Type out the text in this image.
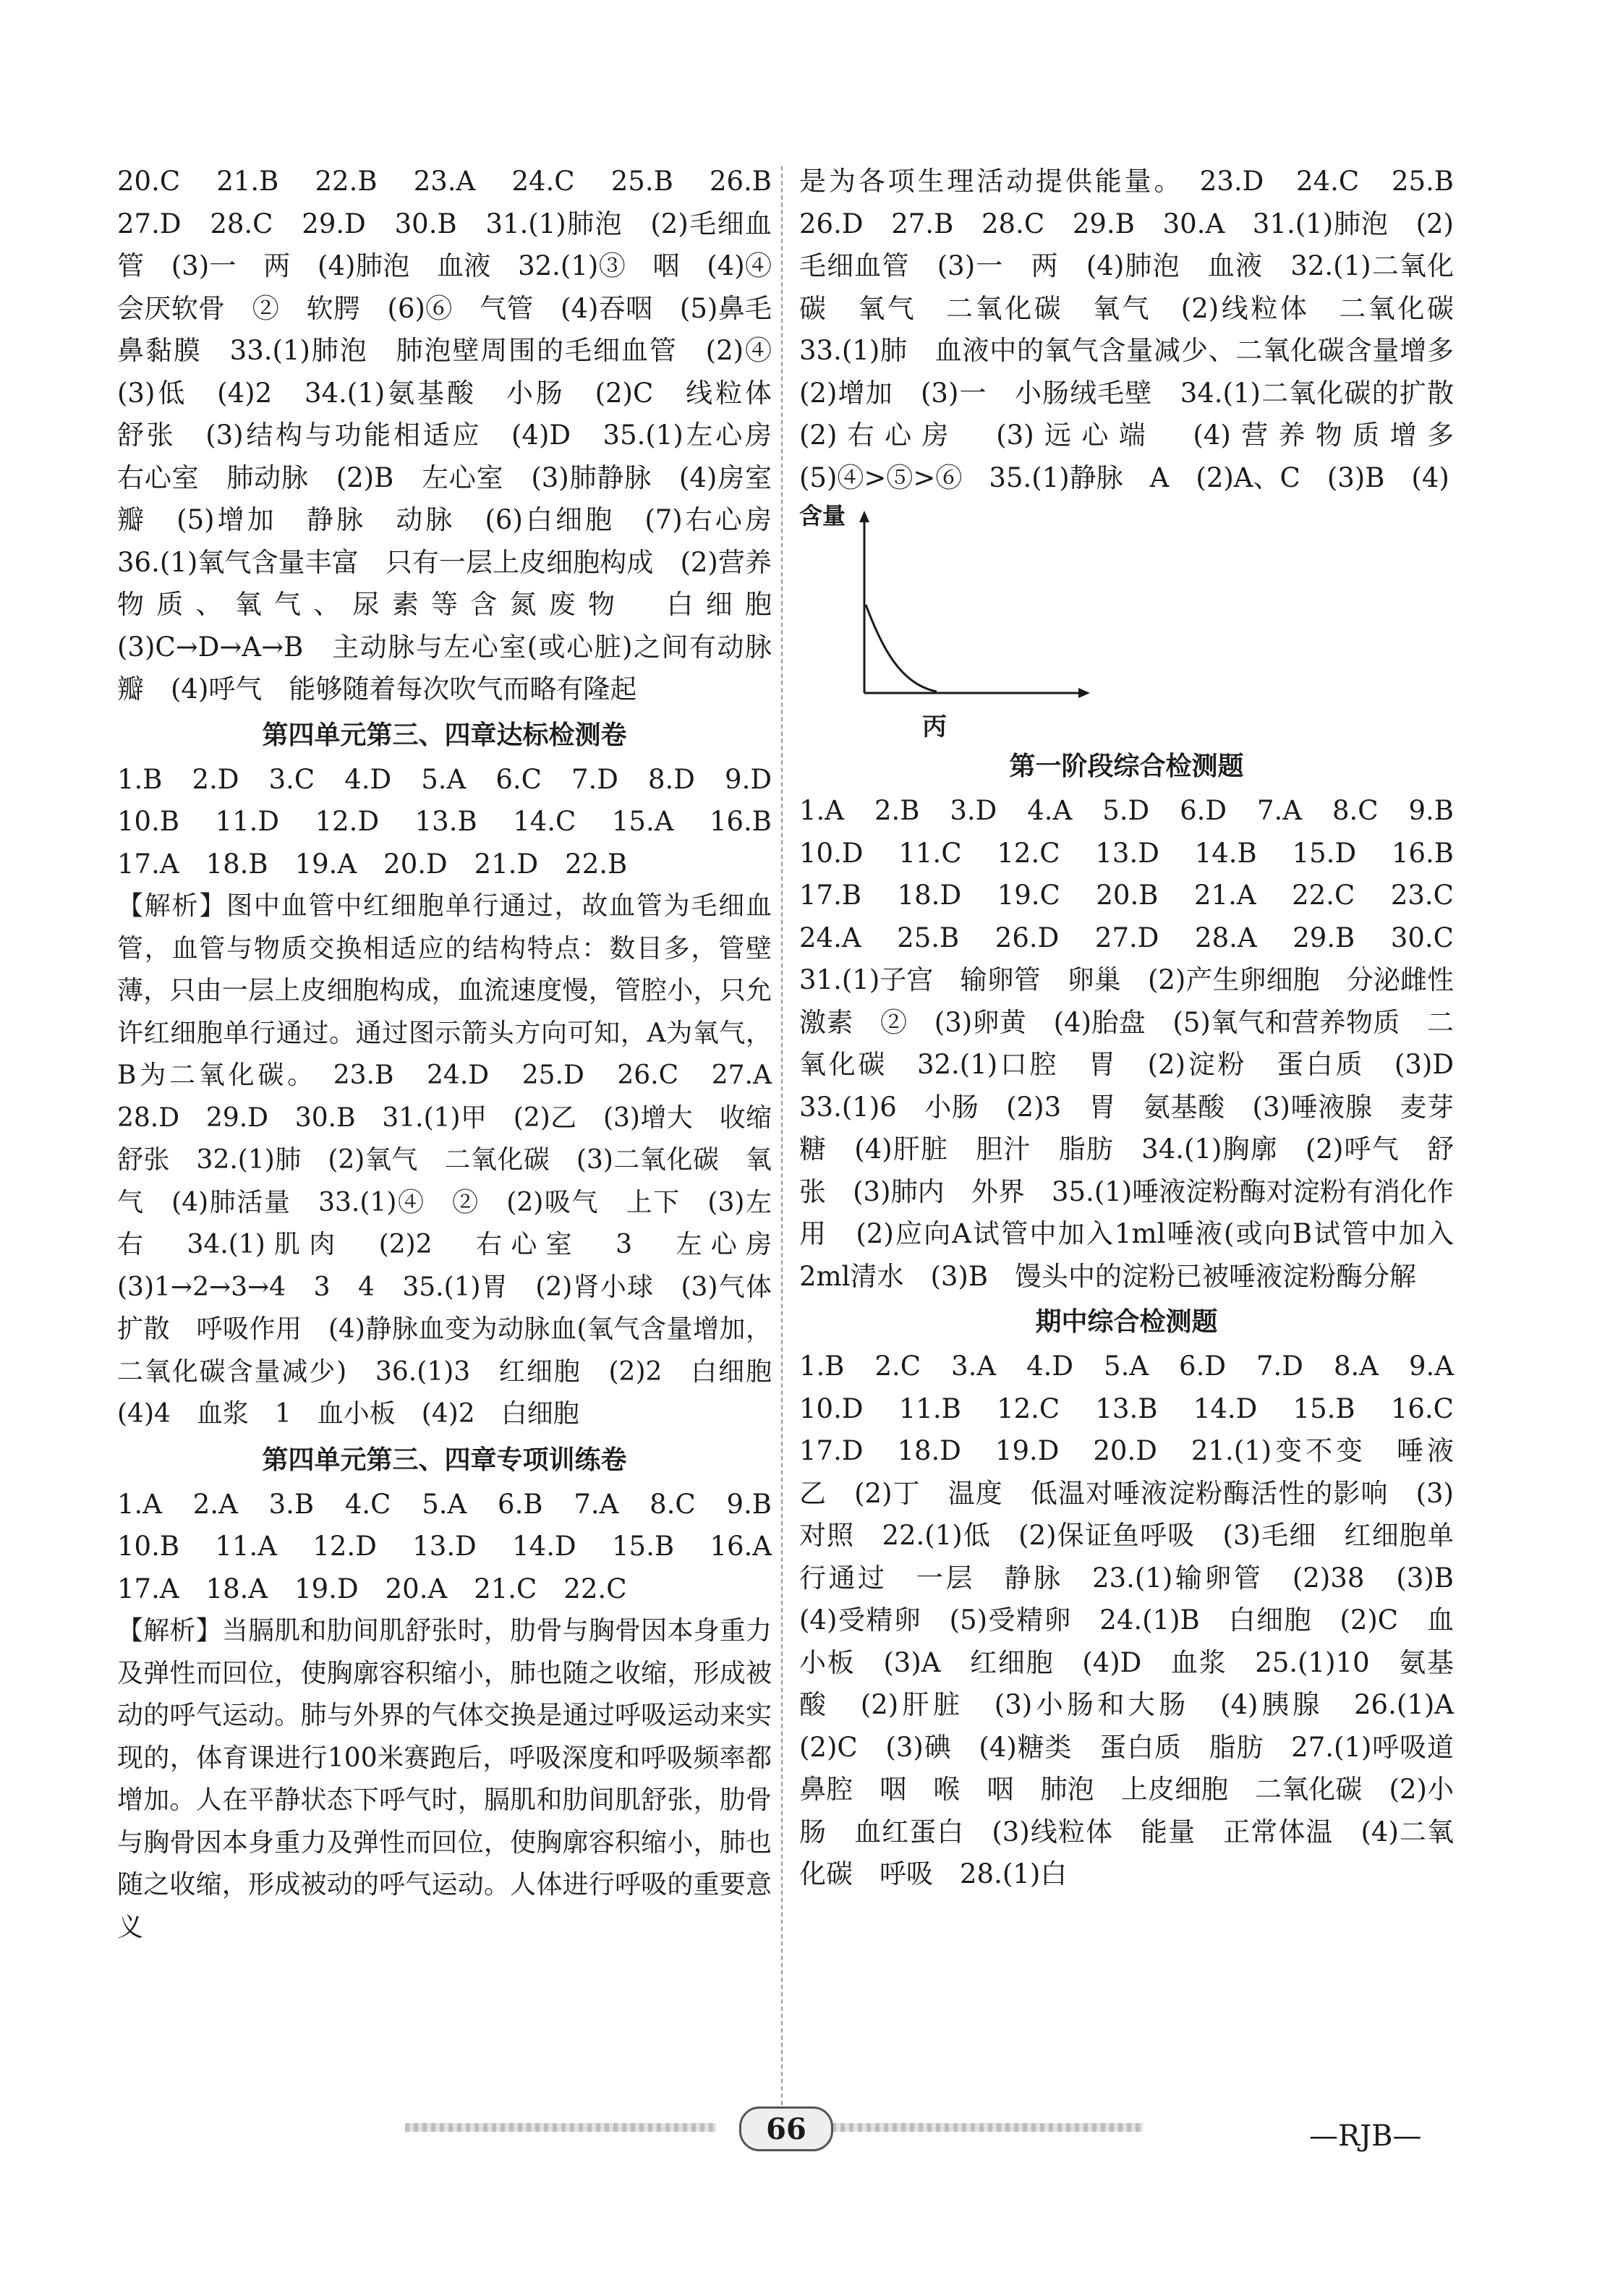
20.C　21.B　22.B　23.A　24.C　25.B　26.B　27.D　28.C　29.D　30.B　31.(1)肺泡　(2)毛细血管　(3)一　两　(4)肺泡　血液　32.(1)③　咽　(4)④　会厌软骨　②　软腭　(6)⑥　气管　(4)吞咽　(5)鼻毛鼻黏膜　33.(1)肺泡　肺泡壁周围的毛细血管　(2)④　(3)低　(4)2　34.(1)氨基酸　小肠　(2)C　线粒体　舒张　(3)结构与功能相适应　(4)D　35.(1)左心房　右心室　肺动脉　(2)B　左心室　(3)肺静脉　(4)房室瓣　(5)增加　静脉　动脉　(6)白细胞　(7)右心房　36.(1)氧气含量丰富　只有一层上皮细胞构成　(2)营养物质、氧气、尿素等含氮废物　白细胞　(3)C→D→A→B　主动脉与左心室(或心脏)之间有动脉瓣　(4)呼气　能够随着每次吹气而略有隆起

第四单元第三、四章达标检测卷

1.B　2.D　3.C　4.D　5.A　6.C　7.D　8.D　9.D　10.B　11.D　12.D　13.B　14.C　15.A　16.B　17.A　18.B　19.A　20.D　21.D　22.B

【解析】图中血管中红细胞单行通过，故血管为毛细血管，血管与物质交换相适应的结构特点：数目多，管壁薄，只由一层上皮细胞构成，血流速度慢，管腔小，只允许红细胞单行通过。通过图示箭头方向可知，A为氧气，B为二氧化碳。　23.B　24.D　25.D　26.C　27.A　28.D　29.D　30.B　31.(1)甲　(2)乙　(3)增大　收缩　舒张　32.(1)肺　(2)氧气　二氧化碳　(3)二氧化碳　氧气　(4)肺活量　33.(1)④　②　(2)吸气　上下　(3)左右　34.(1)肌肉　(2)2　右心室　3　左心房　(3)1→2→3→4　3　4　35.(1)胃　(2)肾小球　(3)气体扩散　呼吸作用　(4)静脉血变为动脉血(氧气含量增加，二氧化碳含量减少)　36.(1)3　红细胞　(2)2　白细胞　(4)4　血浆　1　血小板　(4)2　白细胞

第四单元第三、四章专项训练卷

1.A　2.A　3.B　4.C　5.A　6.B　7.A　8.C　9.B　10.B　11.A　12.D　13.D　14.D　15.B　16.A　17.A　18.A　19.D　20.A　21.C　22.C

【解析】当膈肌和肋间肌舒张时，肋骨与胸骨因本身重力及弹性而回位，使胸廓容积缩小，肺也随之收缩，形成被动的呼气运动。肺与外界的气体交换是通过呼吸运动来实现的，体育课进行100米赛跑后，呼吸深度和呼吸频率都增加。人在平静状态下呼气时，膈肌和肋间肌舒张，肋骨与胸骨因本身重力及弹性而回位，使胸廓容积缩小，肺也随之收缩，形成被动的呼气运动。人体进行呼吸的重要意义

是为各项生理活动提供能量。　23.D　24.C　25.B　26.D　27.B　28.C　29.B　30.A　31.(1)肺泡　(2)毛细血管　(3)一　两　(4)肺泡　血液　32.(1)二氧化碳　氧气　二氧化碳　氧气　(2)线粒体　二氧化碳　33.(1)肺　血液中的氧气含量减少、二氧化碳含量增多　(2)增加　(3)一　小肠绒毛壁　34.(1)二氧化碳的扩散　(2)右心房　(3)远心端　(4)营养物质增多　(5)④>⑤>⑥　35.(1)静脉　A　(2)A、C　(3)B　(4)

含量
丙
第一阶段综合检测题

1.A　2.B　3.D　4.A　5.D　6.D　7.A　8.C　9.B　10.D　11.C　12.C　13.D　14.B　15.D　16.B　17.B　18.D　19.C　20.B　21.A　22.C　23.C　24.A　25.B　26.D　27.D　28.A　29.B　30.C　31.(1)子宫　输卵管　卵巢　(2)产生卵细胞　分泌雌性激素　②　(3)卵黄　(4)胎盘　(5)氧气和营养物质　二氧化碳　32.(1)口腔　胃　(2)淀粉　蛋白质　(3)D　33.(1)6　小肠　(2)3　胃　氨基酸　(3)唾液腺　麦芽糖　(4)肝脏　胆汁　脂肪　34.(1)胸廓　(2)呼气　舒张　(3)肺内　外界　35.(1)唾液淀粉酶对淀粉有消化作用　(2)应向A试管中加入1ml唾液(或向B试管中加入2ml清水　(3)B　馒头中的淀粉已被唾液淀粉酶分解

期中综合检测题

1.B　2.C　3.A　4.D　5.A　6.D　7.D　8.A　9.A　10.D　11.B　12.C　13.B　14.D　15.B　16.C　17.D　18.D　19.D　20.D　21.(1)变不变　唾液　乙　(2)丁　温度　低温对唾液淀粉酶活性的影响　(3)对照　22.(1)低　(2)保证鱼呼吸　(3)毛细　红细胞单行通过　一层　静脉　23.(1)输卵管　(2)38　(3)B　(4)受精卵　(5)受精卵　24.(1)B　白细胞　(2)C　血小板　(3)A　红细胞　(4)D　血浆　25.(1)10　氨基酸　(2)肝脏　(3)小肠和大肠　(4)胰腺　26.(1)A　(2)C　(3)碘　(4)糖类　蛋白质　脂肪　27.(1)呼吸道　鼻腔　咽　喉　咽　肺泡　上皮细胞　二氧化碳　(2)小肠　血红蛋白　(3)线粒体　能量　正常体温　(4)二氧化碳　呼吸　28.(1)白

66	—RJB—
